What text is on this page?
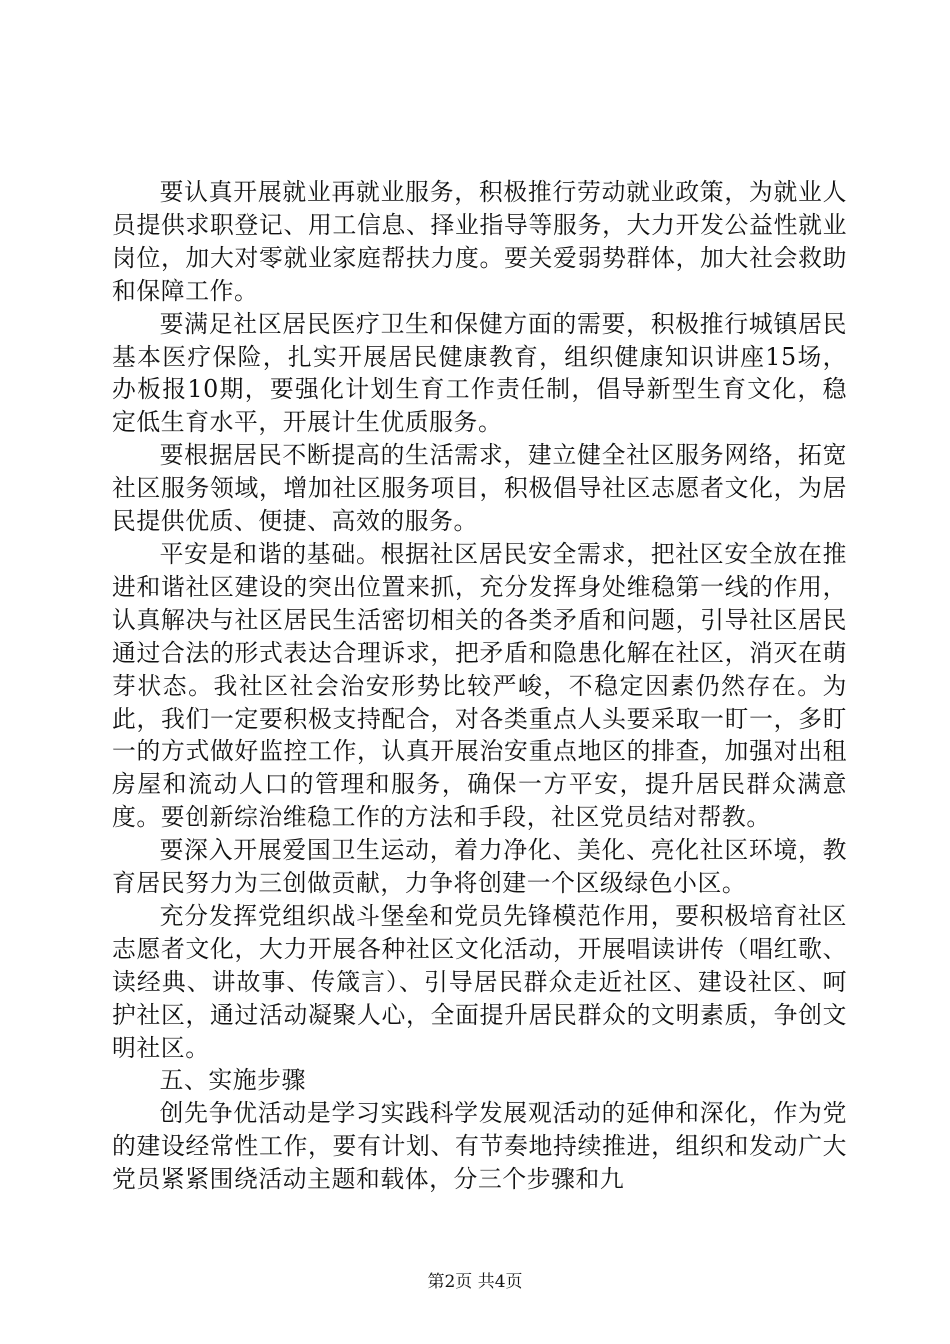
要认真开展就业再就业服务，积极推行劳动就业政策，为就业人员提供求职登记、用工信息、择业指导等服务，大力开发公益性就业岗位，加大对零就业家庭帮扶力度。要关爱弱势群体，加大社会救助和保障工作。

要满足社区居民医疗卫生和保健方面的需要，积极推行城镇居民基本医疗保险，扎实开展居民健康教育，组织健康知识讲座15场，办板报10期，要强化计划生育工作责任制，倡导新型生育文化，稳定低生育水平，开展计生优质服务。

要根据居民不断提高的生活需求，建立健全社区服务网络，拓宽社区服务领域，增加社区服务项目，积极倡导社区志愿者文化，为居民提供优质、便捷、高效的服务。

平安是和谐的基础。根据社区居民安全需求，把社区安全放在推进和谐社区建设的突出位置来抓，充分发挥身处维稳第一线的作用，认真解决与社区居民生活密切相关的各类矛盾和问题，引导社区居民通过合法的形式表达合理诉求，把矛盾和隐患化解在社区，消灭在萌芽状态。我社区社会治安形势比较严峻，不稳定因素仍然存在。为此，我们一定要积极支持配合，对各类重点人头要采取一盯一，多盯一的方式做好监控工作，认真开展治安重点地区的排查，加强对出租房屋和流动人口的管理和服务，确保一方平安，提升居民群众满意度。要创新综治维稳工作的方法和手段，社区党员结对帮教。

要深入开展爱国卫生运动，着力净化、美化、亮化社区环境，教育居民努力为三创做贡献，力争将创建一个区级绿色小区。

充分发挥党组织战斗堡垒和党员先锋模范作用，要积极培育社区志愿者文化，大力开展各种社区文化活动，开展唱读讲传（唱红歌、读经典、讲故事、传箴言）、引导居民群众走近社区、建设社区、呵护社区，通过活动凝聚人心，全面提升居民群众的文明素质，争创文明社区。

五、实施步骤

创先争优活动是学习实践科学发展观活动的延伸和深化，作为党的建设经常性工作，要有计划、有节奏地持续推进，组织和发动广大党员紧紧围绕活动主题和载体，分三个步骤和九

第2页 共4页
